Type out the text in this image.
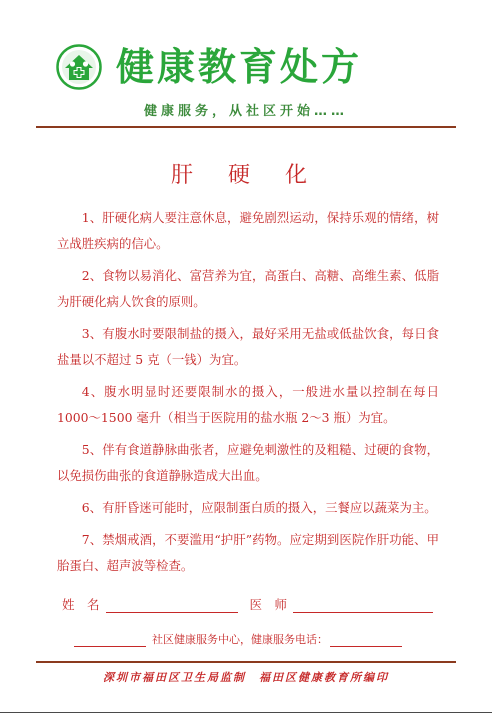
健康教育处方
健康服务，从社区开始……
肝 硬 化

1、肝硬化病人要注意休息，避免剧烈运动，保持乐观的情绪，树立战胜疾病的信心。

2、食物以易消化、富营养为宜，高蛋白、高糖、高维生素、低脂为肝硬化病人饮食的原则。

3、有腹水时要限制盐的摄入，最好采用无盐或低盐饮食，每日食盐量以不超过 5 克（一钱）为宜。

4、腹水明显时还要限制水的摄入，一般进水量以控制在每日 1000～1500 毫升（相当于医院用的盐水瓶 2～3 瓶）为宜。

5、伴有食道静脉曲张者，应避免刺激性的及粗糙、过硬的食物，以免损伤曲张的食道静脉造成大出血。

6、有肝昏迷可能时，应限制蛋白质的摄入，三餐应以蔬菜为主。

7、禁烟戒酒，不要滥用“护肝”药物。应定期到医院作肝功能、甲胎蛋白、超声波等检查。

姓　名	医　师
社区健康服务中心，健康服务电话：
深圳市福田区卫生局监制　福田区健康教育所编印
